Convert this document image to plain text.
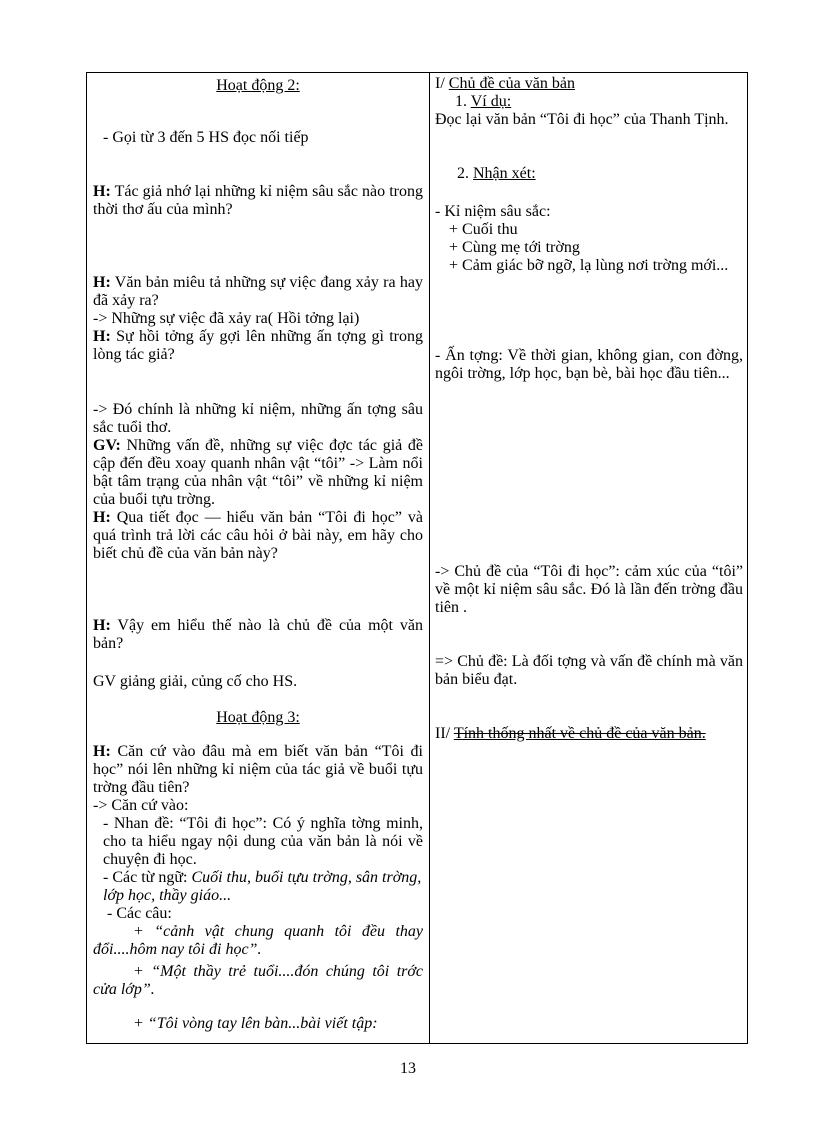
Hoạt động 2:
- Gọi từ 3 đến 5 HS đọc nối tiếp
H: Tác giả nhớ lại những kỉ niệm sâu sắc nào trong thời thơ ấu của mình?
H: Văn bản miêu tả những sự việc đang xảy ra hay đã xảy ra?
-> Những sự việc đã xảy ra( Hồi tởng lại)
H: Sự hồi tởng ấy gợi lên những ấn tợng gì trong lòng tác giả?
-> Đó chính là những kỉ niệm, những ấn tợng sâu sắc tuổi thơ.
GV: Những vấn đề, những sự việc đợc tác giả đề cập đến đều xoay quanh nhân vật “tôi” -> Làm nổi bật tâm trạng của nhân vật “tôi” về những kỉ niệm của buổi tựu trờng.
H: Qua tiết đọc — hiểu văn bản “Tôi đi học” và quá trình trả lời các câu hỏi ở bài này, em hãy cho biết chủ đề của văn bản này?
H: Vậy em hiểu thế nào là chủ đề của một văn bản?
GV giảng giải, củng cố cho HS.
Hoạt động 3:
H: Căn cứ vào đâu mà em biết văn bản “Tôi đi học” nói lên những kỉ niệm của tác giả về buổi tựu trờng đầu tiên?
-> Căn cứ vào:
- Nhan đề: “Tôi đi học”: Có ý nghĩa tờng minh, cho ta hiểu ngay nội dung của văn bản là nói về chuyện đi học.
- Các từ ngữ: Cuối thu, buổi tựu trờng, sân trờng, lớp học, thầy giáo...
- Các câu:
+ “cảnh vật chung quanh tôi đều thay đổi....hôm nay tôi đi học”.
+ “Một thầy trẻ tuổi....đón chúng tôi trớc cửa lớp”.
+ “Tôi vòng tay lên bàn...bài viết tập:
I/ Chủ đề của văn bản
1. Ví dụ:
Đọc lại văn bản “Tôi đi học” của Thanh Tịnh.
2. Nhận xét:
- Kỉ niệm sâu sắc:
+ Cuối thu
+ Cùng mẹ tới trờng
+ Cảm giác bỡ ngỡ, lạ lùng nơi trờng mới...
- Ấn tợng: Về thời gian, không gian, con đờng, ngôi trờng, lớp học, bạn bè, bài học đầu tiên...
-> Chủ đề của “Tôi đi học”: cảm xúc của “tôi” về một kỉ niệm sâu sắc. Đó là lần đến trờng đầu tiên .
=> Chủ đề: Là đối tợng và vấn đề chính mà văn bản biểu đạt.
II/ Tính thống nhất về chủ đề của văn bản.
13
